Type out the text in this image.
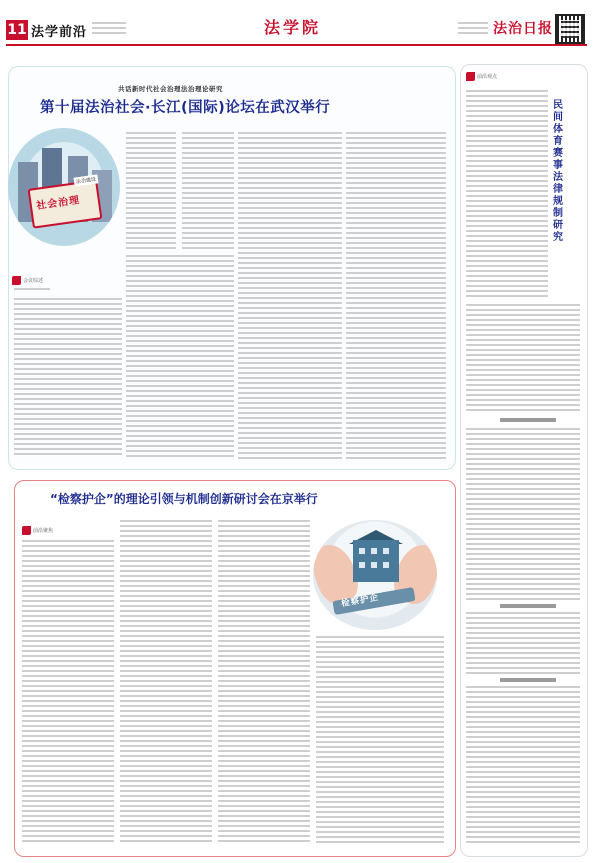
11 法学前沿	法学院	法治日报
共话新时代社会治理法治理论研究
第十届法治社会·长江(国际)论坛在武汉举行
社会治理
法治建设
会议综述
前沿观点
民间体育赛事法律规制研究
“检察护企”的理论引领与机制创新研讨会在京举行
前沿聚焦
检察护企
